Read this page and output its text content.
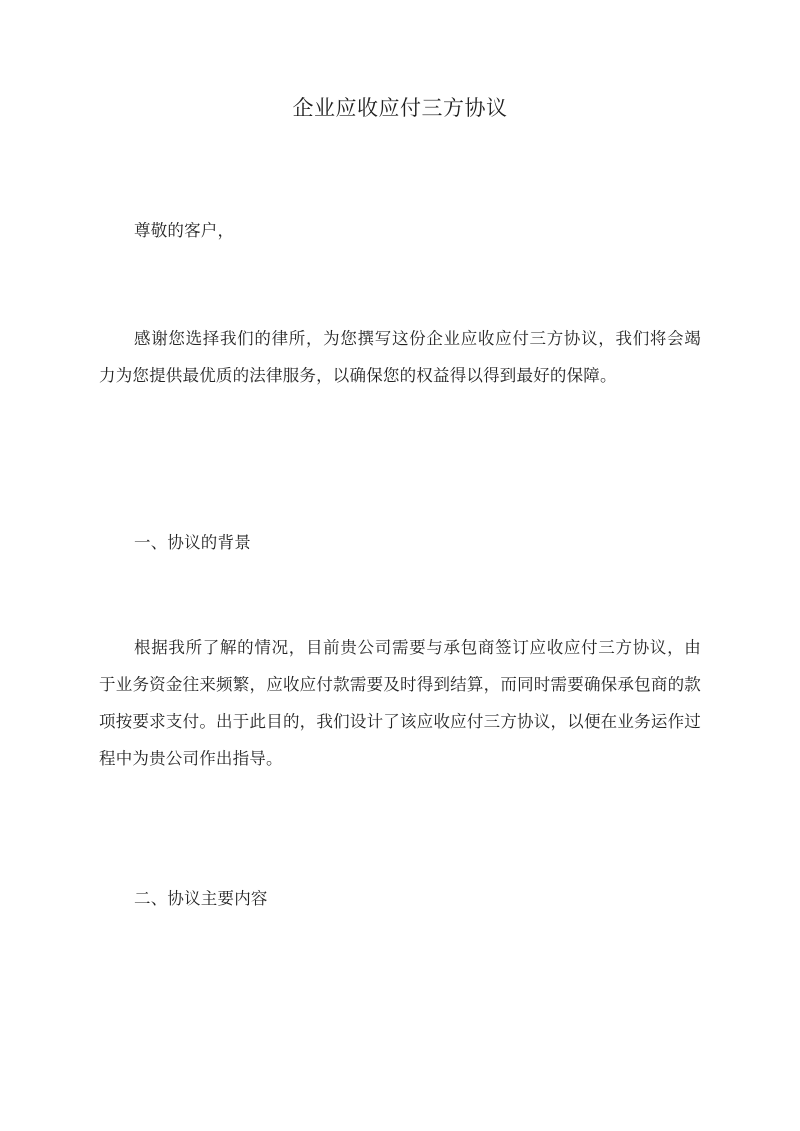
企业应收应付三方协议
尊敬的客户，
感谢您选择我们的律所，为您撰写这份企业应收应付三方协议，我们将会竭力为您提供最优质的法律服务，以确保您的权益得以得到最好的保障。
一、协议的背景
根据我所了解的情况，目前贵公司需要与承包商签订应收应付三方协议，由于业务资金往来频繁，应收应付款需要及时得到结算，而同时需要确保承包商的款项按要求支付。出于此目的，我们设计了该应收应付三方协议，以便在业务运作过程中为贵公司作出指导。
二、协议主要内容
